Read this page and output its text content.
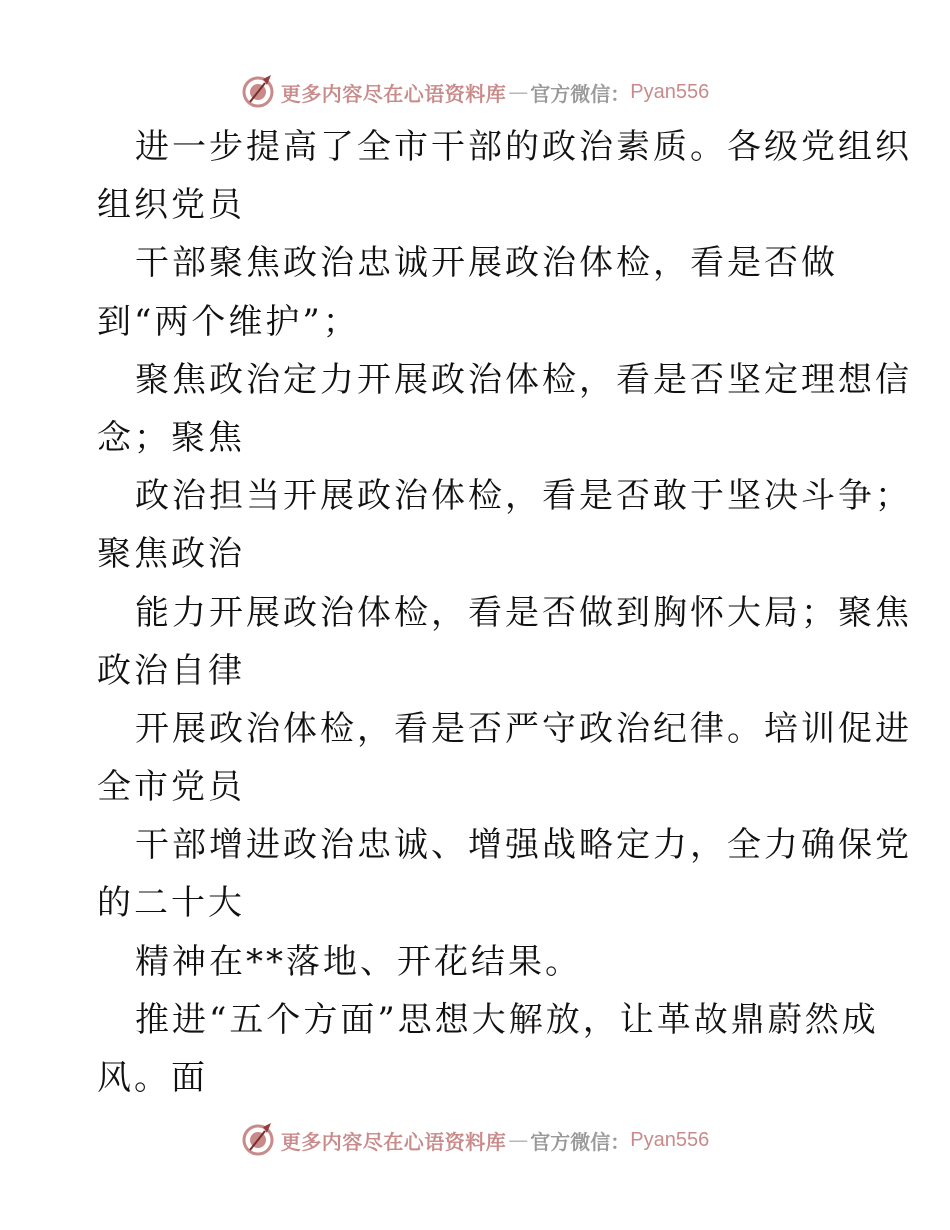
更多内容尽在心语资料库 — 官方微信： Pyan556
进一步提高了全市干部的政治素质。各级党组织
组织党员
干部聚焦政治忠诚开展政治体检，看是否做
到“两个维护”；
聚焦政治定力开展政治体检，看是否坚定理想信
念；聚焦
政治担当开展政治体检，看是否敢于坚决斗争；
聚焦政治
能力开展政治体检，看是否做到胸怀大局；聚焦
政治自律
开展政治体检，看是否严守政治纪律。培训促进
全市党员
干部增进政治忠诚、增强战略定力，全力确保党
的二十大
精神在**落地、开花结果。
推进“五个方面”思想大解放，让革故鼎蔚然成
风。面
更多内容尽在心语资料库 — 官方微信： Pyan556
